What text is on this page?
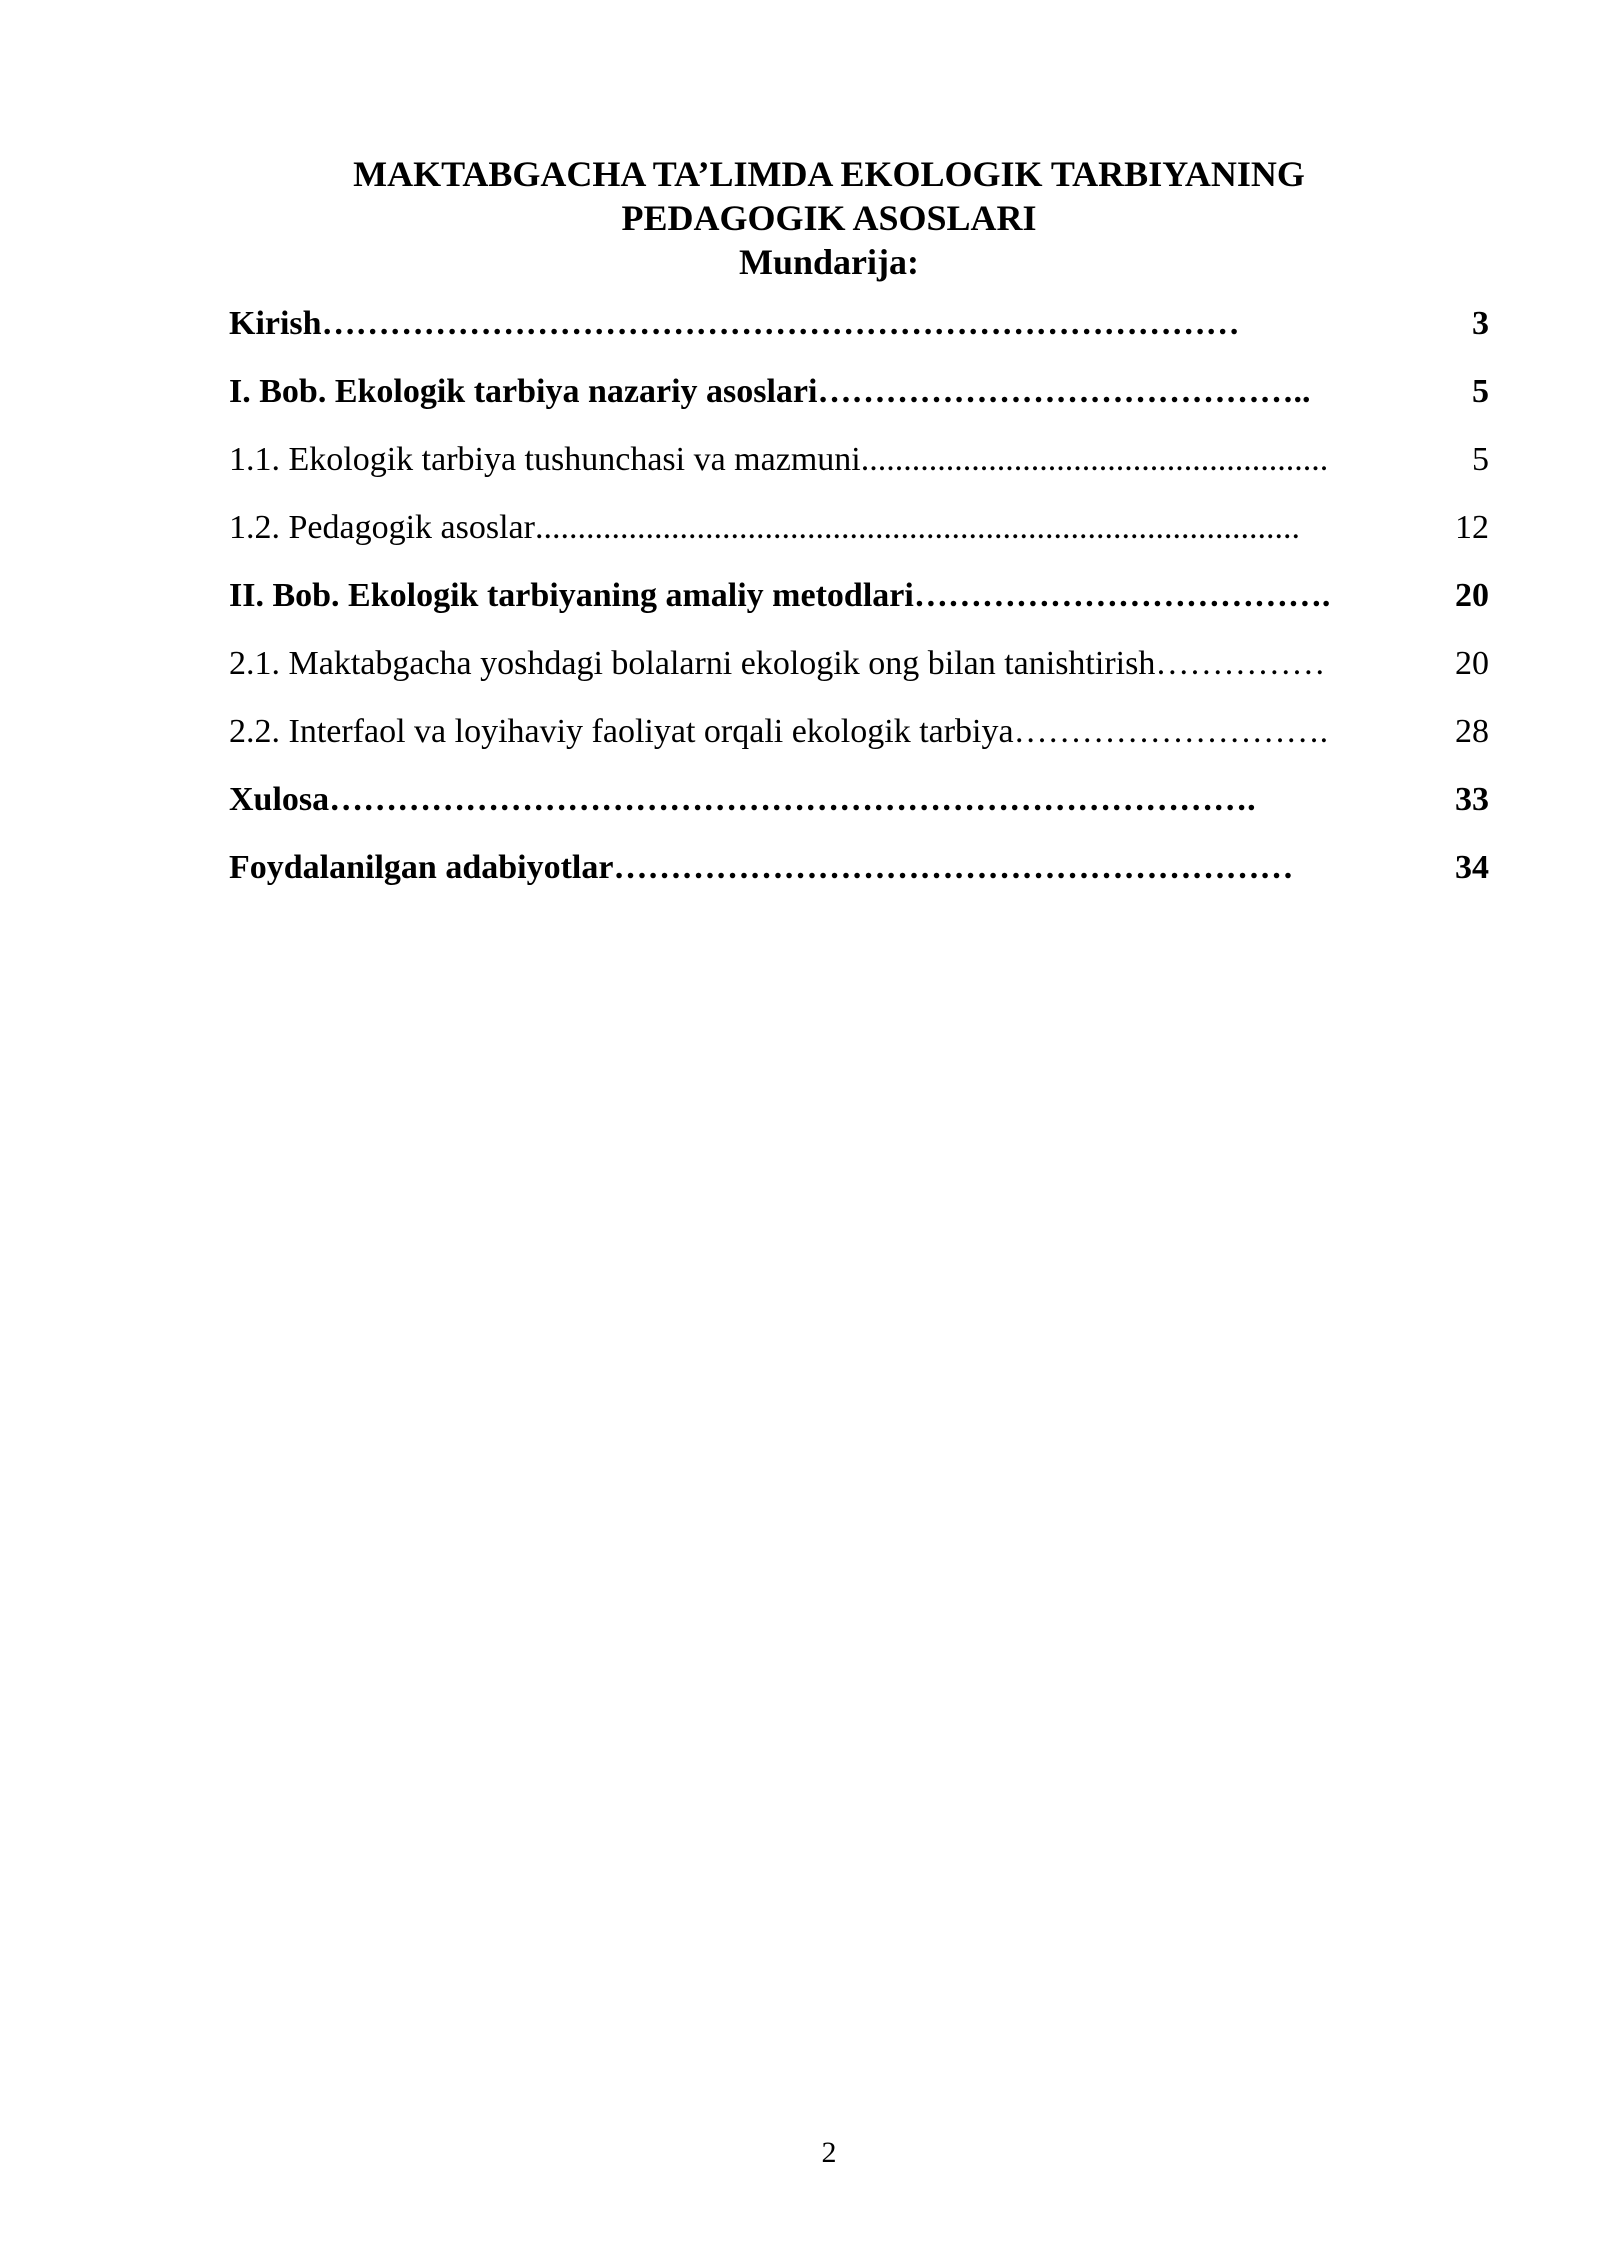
MAKTABGACHA TA’LIMDA EKOLOGIK TARBIYANING
PEDAGOGIK ASOSLARI
Mundarija:
Kirish ………………………………………………………………………	3
I. Bob. Ekologik tarbiya nazariy asoslari ……………………………………..	5
1.1. Ekologik tarbiya tushunchasi va mazmuni .......................................................	5
1.2. Pedagogik asoslar ..........................................................................................	12
II. Bob. Ekologik tarbiyaning amaliy metodlari ……………………………….	20
2.1. Maktabgacha yoshdagi bolalarni ekologik ong bilan tanishtirish ……………	20
2.2. Interfaol va loyihaviy faoliyat orqali ekologik tarbiya ……………………….	28
Xulosa ……………………………………………………………………….	33
Foydalanilgan adabiyotlar ……………………………………………………	34
2
